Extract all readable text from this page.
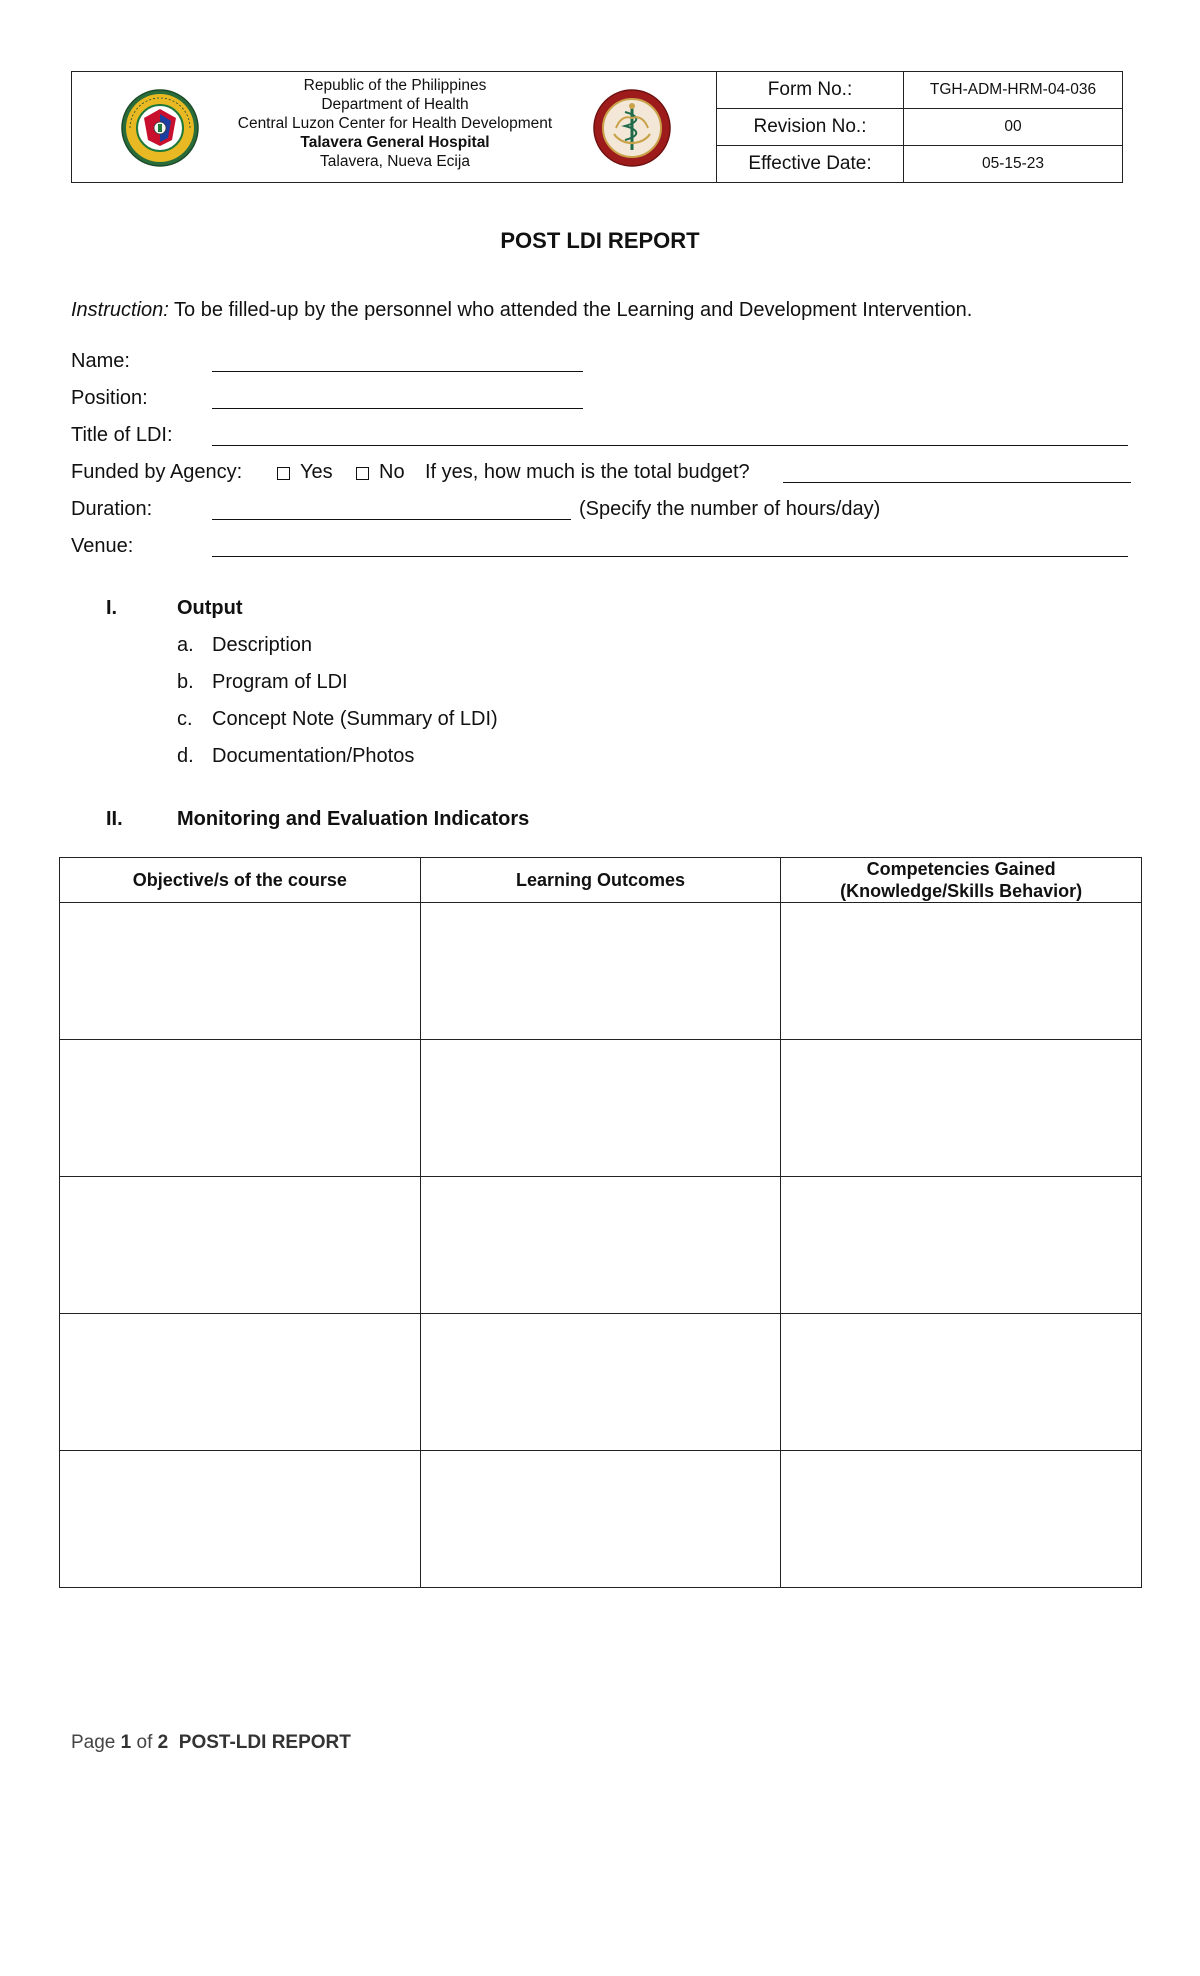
Republic of the Philippines
Department of Health
Central Luzon Center for Health Development
Talavera General Hospital
Talavera, Nueva Ecija
Form No.:	TGH-ADM-HRM-04-036
Revision No.:	00
Effective Date:	05-15-23
POST LDI REPORT
Instruction: To be filled-up by the personnel who attended the Learning and Development Intervention.
Name:
Position:
Title of LDI:
Funded by Agency:	Yes No If yes, how much is the total budget?
Duration:	(Specify the number of hours/day)
Venue:
I.	Output
a. Description
b. Program of LDI
c. Concept Note (Summary of LDI)
d. Documentation/Photos
II.	Monitoring and Evaluation Indicators
Objective/s of the course	Learning Outcomes	Competencies Gained
(Knowledge/Skills Behavior)

Page 1 of 2 POST-LDI REPORT
